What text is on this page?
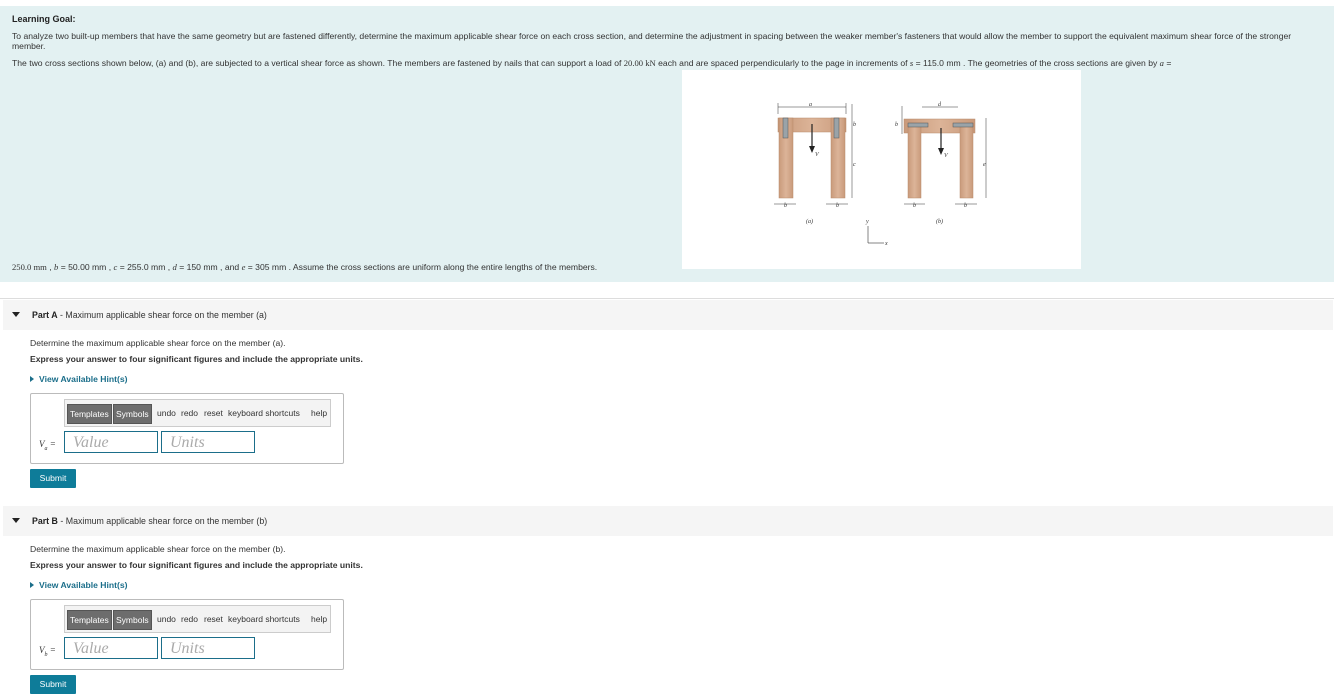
Learning Goal:
To analyze two built-up members that have the same geometry but are fastened differently, determine the maximum applicable shear force on each cross section, and determine the adjustment in spacing between the weaker member's fasteners that would allow the member to support the equivalent maximum shear force of the stronger member.
The two cross sections shown below, (a) and (b), are subjected to a vertical shear force as shown. The members are fastened by nails that can support a load of 20.00 kN each and are spaced perpendicularly to the page in increments of s = 115.0 mm . The geometries of the cross sections are given by a =
250.0 mm , b = 50.00 mm , c = 255.0 mm , d = 150 mm , and e = 305 mm . Assume the cross sections are uniform along the entire lengths of the members.
V
a
b
c
b	b
(a)
V
d
b
e
b	b
(b)
y
x
Part A - Maximum applicable shear force on the member (a)
Determine the maximum applicable shear force on the member (a).
Express your answer to four significant figures and include the appropriate units.
View Available Hint(s)
Templates Symbols undo redo reset keyboard shortcuts help
$V_a$ =	Value	Units
Submit
Part B - Maximum applicable shear force on the member (b)
Determine the maximum applicable shear force on the member (b).
Express your answer to four significant figures and include the appropriate units.
View Available Hint(s)
Templates Symbols undo redo reset keyboard shortcuts help
$V_b$ =	Value	Units
Submit
